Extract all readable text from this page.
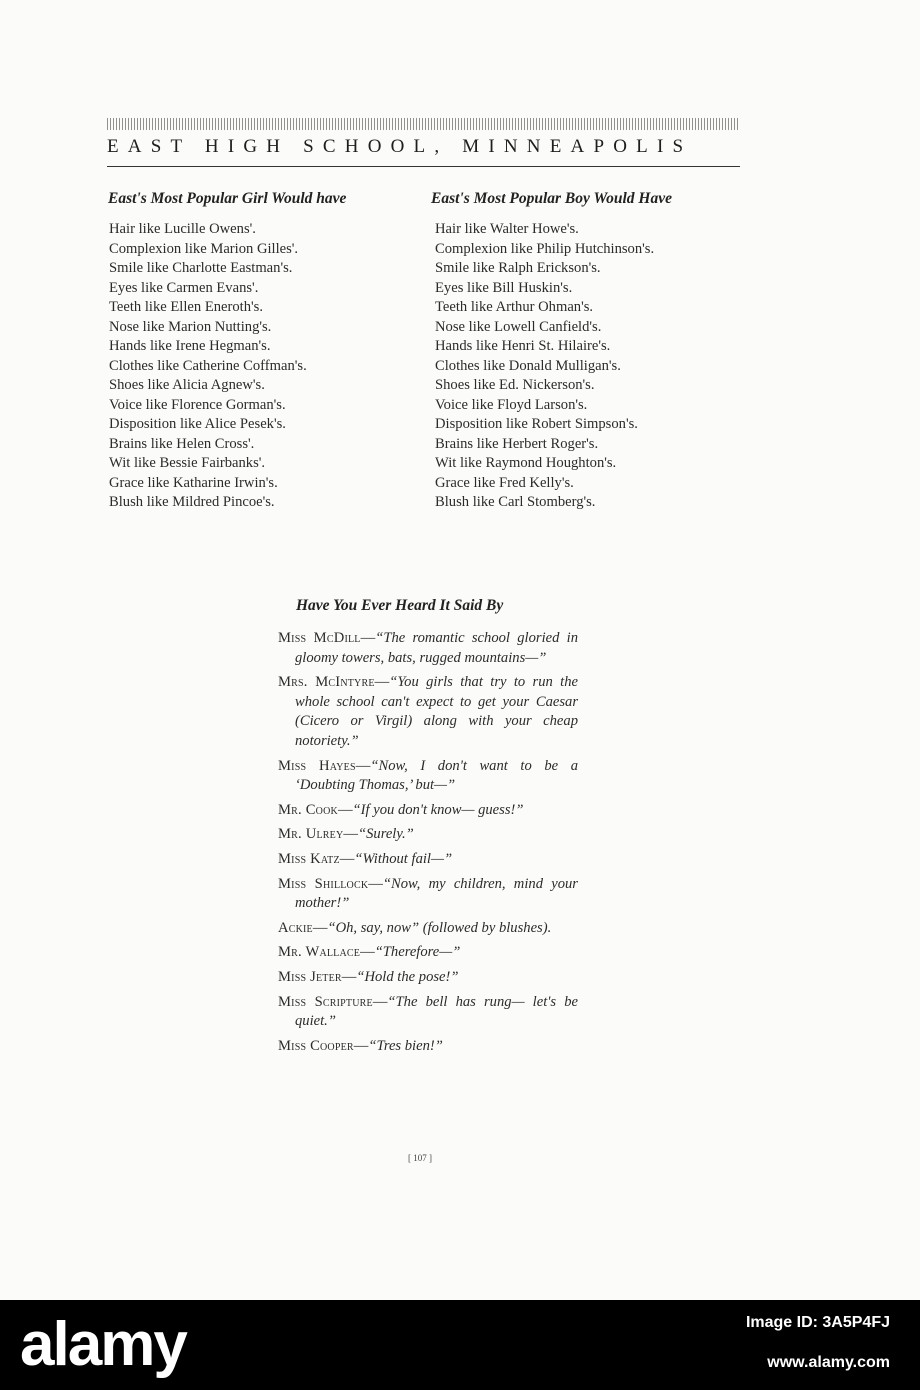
EAST HIGH SCHOOL, MINNEAPOLIS
East's Most Popular Girl Would have
Hair like Lucille Owens'.
Complexion like Marion Gilles'.
Smile like Charlotte Eastman's.
Eyes like Carmen Evans'.
Teeth like Ellen Eneroth's.
Nose like Marion Nutting's.
Hands like Irene Hegman's.
Clothes like Catherine Coffman's.
Shoes like Alicia Agnew's.
Voice like Florence Gorman's.
Disposition like Alice Pesek's.
Brains like Helen Cross'.
Wit like Bessie Fairbanks'.
Grace like Katharine Irwin's.
Blush like Mildred Pincoe's.
East's Most Popular Boy Would Have
Hair like Walter Howe's.
Complexion like Philip Hutchinson's.
Smile like Ralph Erickson's.
Eyes like Bill Huskin's.
Teeth like Arthur Ohman's.
Nose like Lowell Canfield's.
Hands like Henri St. Hilaire's.
Clothes like Donald Mulligan's.
Shoes like Ed. Nickerson's.
Voice like Floyd Larson's.
Disposition like Robert Simpson's.
Brains like Herbert Roger's.
Wit like Raymond Houghton's.
Grace like Fred Kelly's.
Blush like Carl Stomberg's.
Have You Ever Heard It Said By
Miss McDill—“The romantic school gloried in gloomy towers, bats, rugged mountains—”
Mrs. McIntyre—“You girls that try to run the whole school can't expect to get your Caesar (Cicero or Virgil) along with your cheap notoriety.”
Miss Hayes—“Now, I don't want to be a ‘Doubting Thomas,’ but—”
Mr. Cook—“If you don't know— guess!”
Mr. Ulrey—“Surely.”
Miss Katz—“Without fail—”
Miss Shillock—“Now, my children, mind your mother!”
Ackie—“Oh, say, now” (followed by blushes).
Mr. Wallace—“Therefore—”
Miss Jeter—“Hold the pose!”
Miss Scripture—“The bell has rung— let's be quiet.”
Miss Cooper—“Tres bien!”
[ 107 ]
alamy	Image ID: 3A5P4FJ
www.alamy.com
